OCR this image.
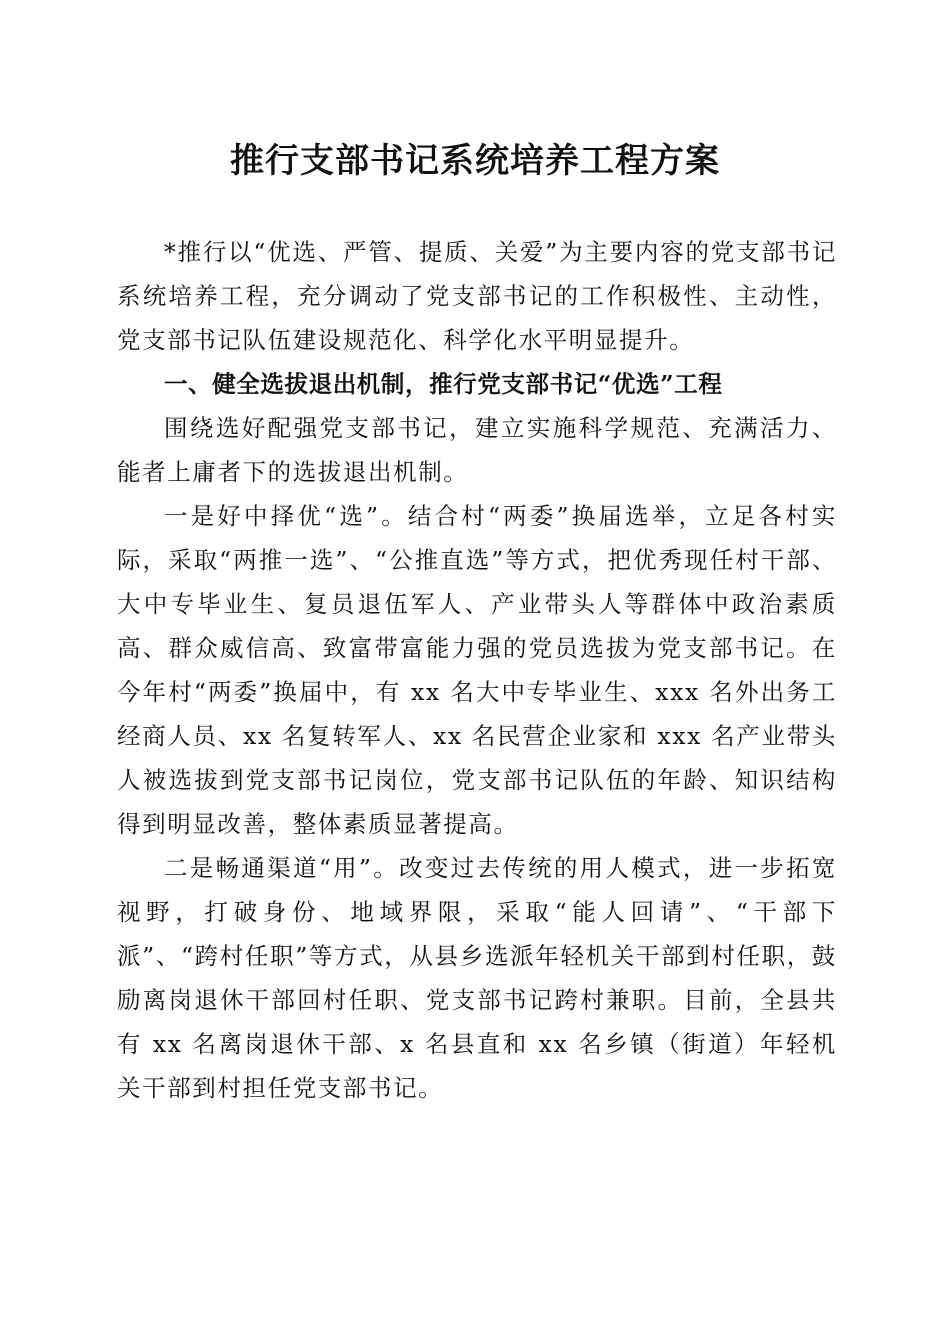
推行支部书记系统培养工程方案

*推行以“优选、严管、提质、关爱”为主要内容的党支部书记系统培养工程，充分调动了党支部书记的工作积极性、主动性，党支部书记队伍建设规范化、科学化水平明显提升。

一、健全选拔退出机制，推行党支部书记“优选”工程

围绕选好配强党支部书记，建立实施科学规范、充满活力、能者上庸者下的选拔退出机制。

一是好中择优“选”。结合村“两委”换届选举，立足各村实际，采取“两推一选”、“公推直选”等方式，把优秀现任村干部、大中专毕业生、复员退伍军人、产业带头人等群体中政治素质高、群众威信高、致富带富能力强的党员选拔为党支部书记。在今年村“两委”换届中，有 xx 名大中专毕业生、xxx 名外出务工经商人员、xx 名复转军人、xx 名民营企业家和 xxx 名产业带头人被选拔到党支部书记岗位，党支部书记队伍的年龄、知识结构得到明显改善，整体素质显著提高。

二是畅通渠道“用”。改变过去传统的用人模式，进一步拓宽视野，打破身份、地域界限，采取“能人回请”、“干部下派”、“跨村任职”等方式，从县乡选派年轻机关干部到村任职，鼓励离岗退休干部回村任职、党支部书记跨村兼职。目前，全县共有 xx 名离岗退休干部、x 名县直和 xx 名乡镇（街道）年轻机关干部到村担任党支部书记。
